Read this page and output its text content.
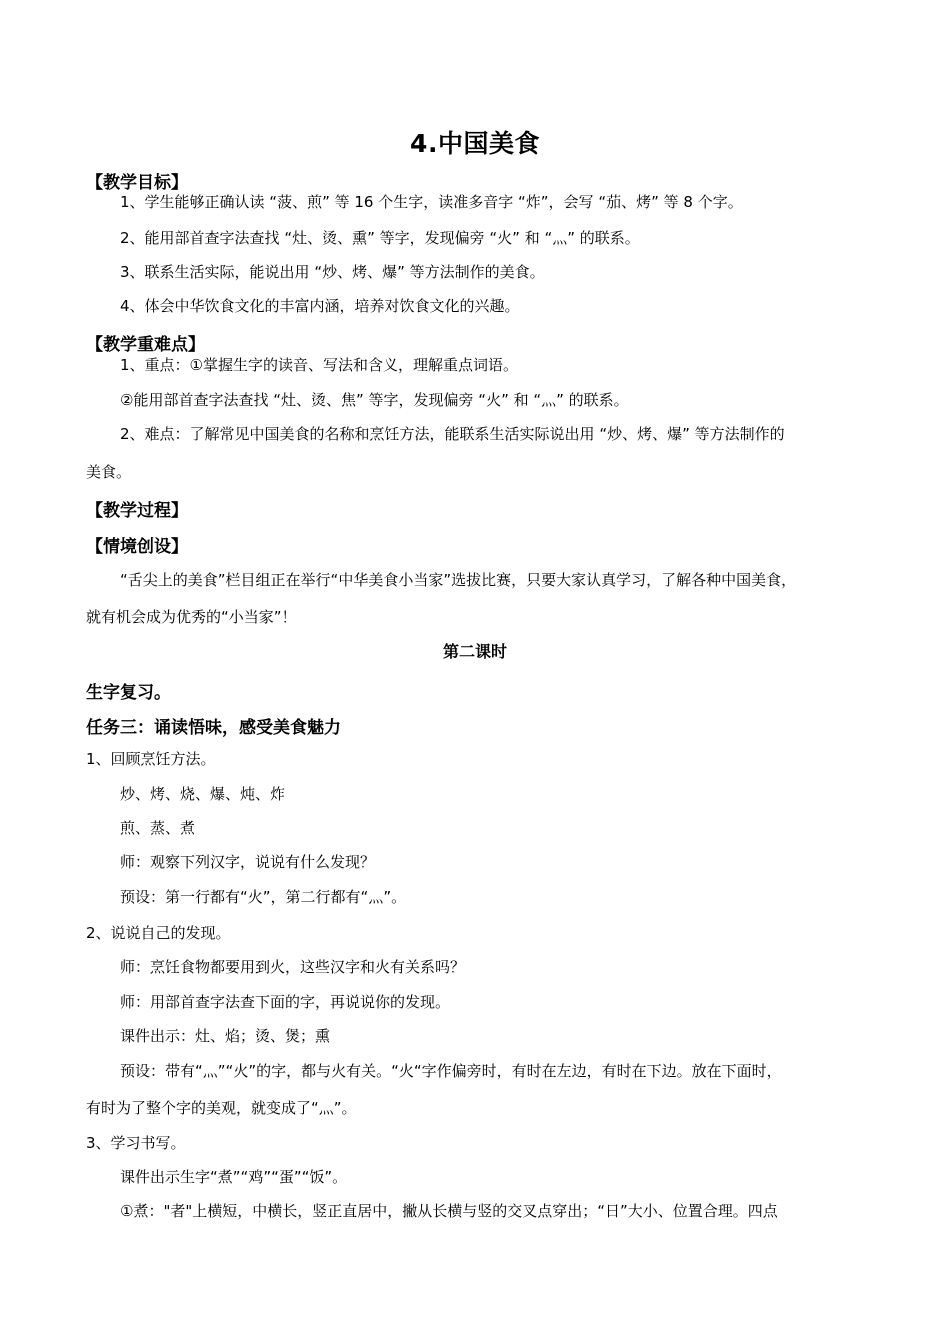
4.中国美食
【教学目标】
1、学生能够正确认读 “菠、煎” 等 16 个生字，读准多音字 “炸”，会写 “茄、烤” 等 8 个字。
2、能用部首查字法查找 “灶、烫、熏” 等字，发现偏旁 “火” 和 “灬” 的联系。
3、联系生活实际，能说出用 “炒、烤、爆” 等方法制作的美食。
4、体会中华饮食文化的丰富内涵，培养对饮食文化的兴趣。
【教学重难点】
1、重点：①掌握生字的读音、写法和含义，理解重点词语。
②能用部首查字法查找 “灶、烫、焦” 等字，发现偏旁 “火” 和 “灬” 的联系。
2、难点：了解常见中国美食的名称和烹饪方法，能联系生活实际说出用 “炒、烤、爆” 等方法制作的
美食。
【教学过程】
【情境创设】
“舌尖上的美食”栏目组正在举行“中华美食小当家”选拔比赛，只要大家认真学习，了解各种中国美食，
就有机会成为优秀的“小当家”！
第二课时
生字复习。
任务三：诵读悟味，感受美食魅力
1、回顾烹饪方法。
炒、烤、烧、爆、炖、炸
煎、蒸、煮
师：观察下列汉字，说说有什么发现？
预设：第一行都有“火”，第二行都有“灬”。
2、说说自己的发现。
师：烹饪食物都要用到火，这些汉字和火有关系吗？
师：用部首查字法查下面的字，再说说你的发现。
课件出示：灶、焰；烫、煲；熏
预设：带有“灬”“火”的字，都与火有关。“火“字作偏旁时，有时在左边，有时在下边。放在下面时，
有时为了整个字的美观，就变成了“灬”。
3、学习书写。
课件出示生字“煮”“鸡”“蛋”“饭”。
①煮："者"上横短，中横长，竖正直居中，撇从长横与竖的交叉点穿出；“日”大小、位置合理。四点
